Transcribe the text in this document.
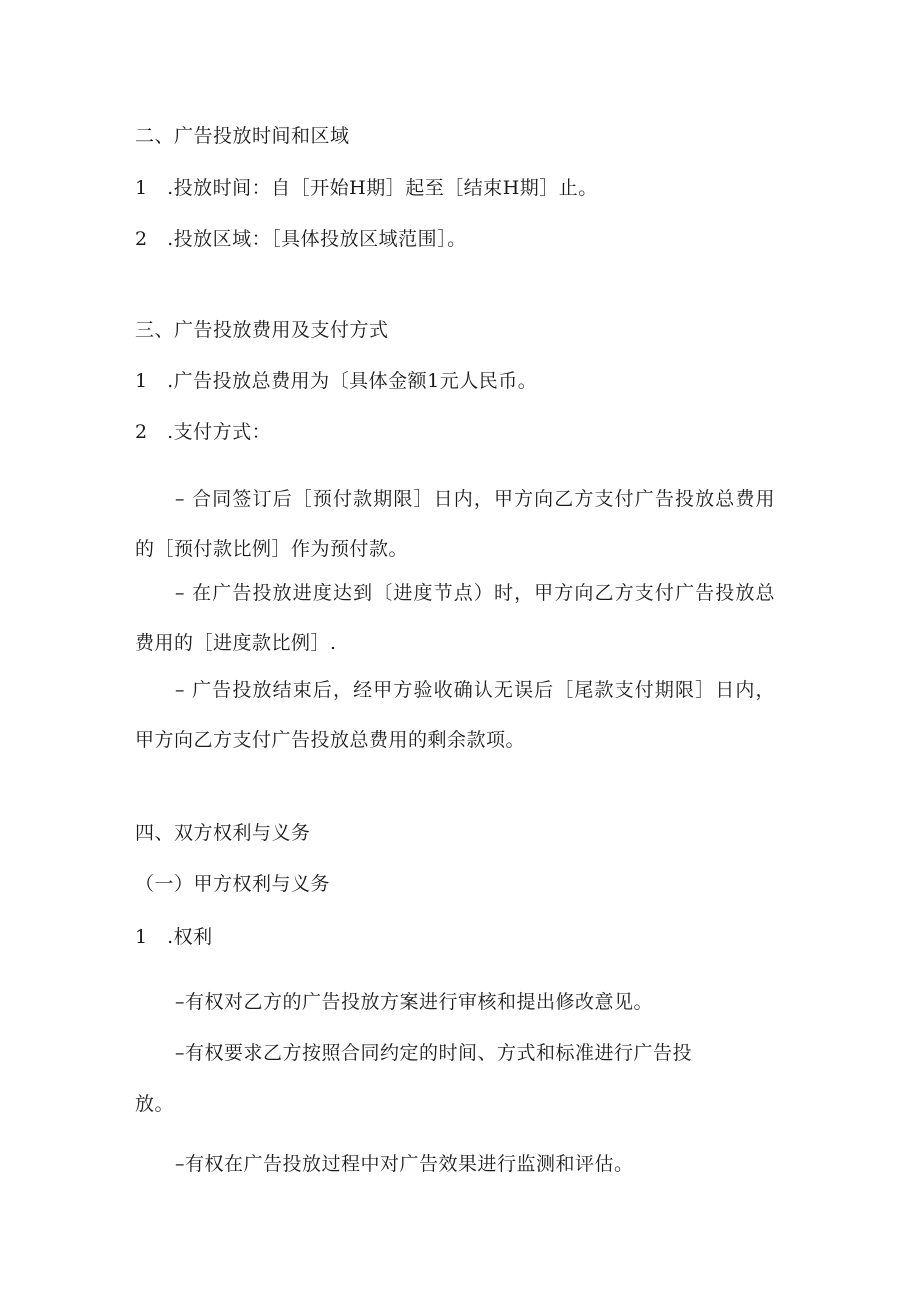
二、广告投放时间和区域
1　.投放时间：自［开始H期］起至［结束H期］止。
2　.投放区域：［具体投放区域范围］。
三、广告投放费用及支付方式
1　.广告投放总费用为〔具体金额1元人民币。
2　.支付方式：
– 合同签订后［预付款期限］日内，甲方向乙方支付广告投放总费用的［预付款比例］作为预付款。
– 在广告投放进度达到〔进度节点）时，甲方向乙方支付广告投放总费用的［进度款比例］.
– 广告投放结束后，经甲方验收确认无误后［尾款支付期限］日内，甲方向乙方支付广告投放总费用的剩余款项。
四、双方权利与义务
（一）甲方权利与义务
1　.权利
–有权对乙方的广告投放方案进行审核和提出修改意见。
–有权要求乙方按照合同约定的时间、方式和标准进行广告投
放。
–有权在广告投放过程中对广告效果进行监测和评估。
